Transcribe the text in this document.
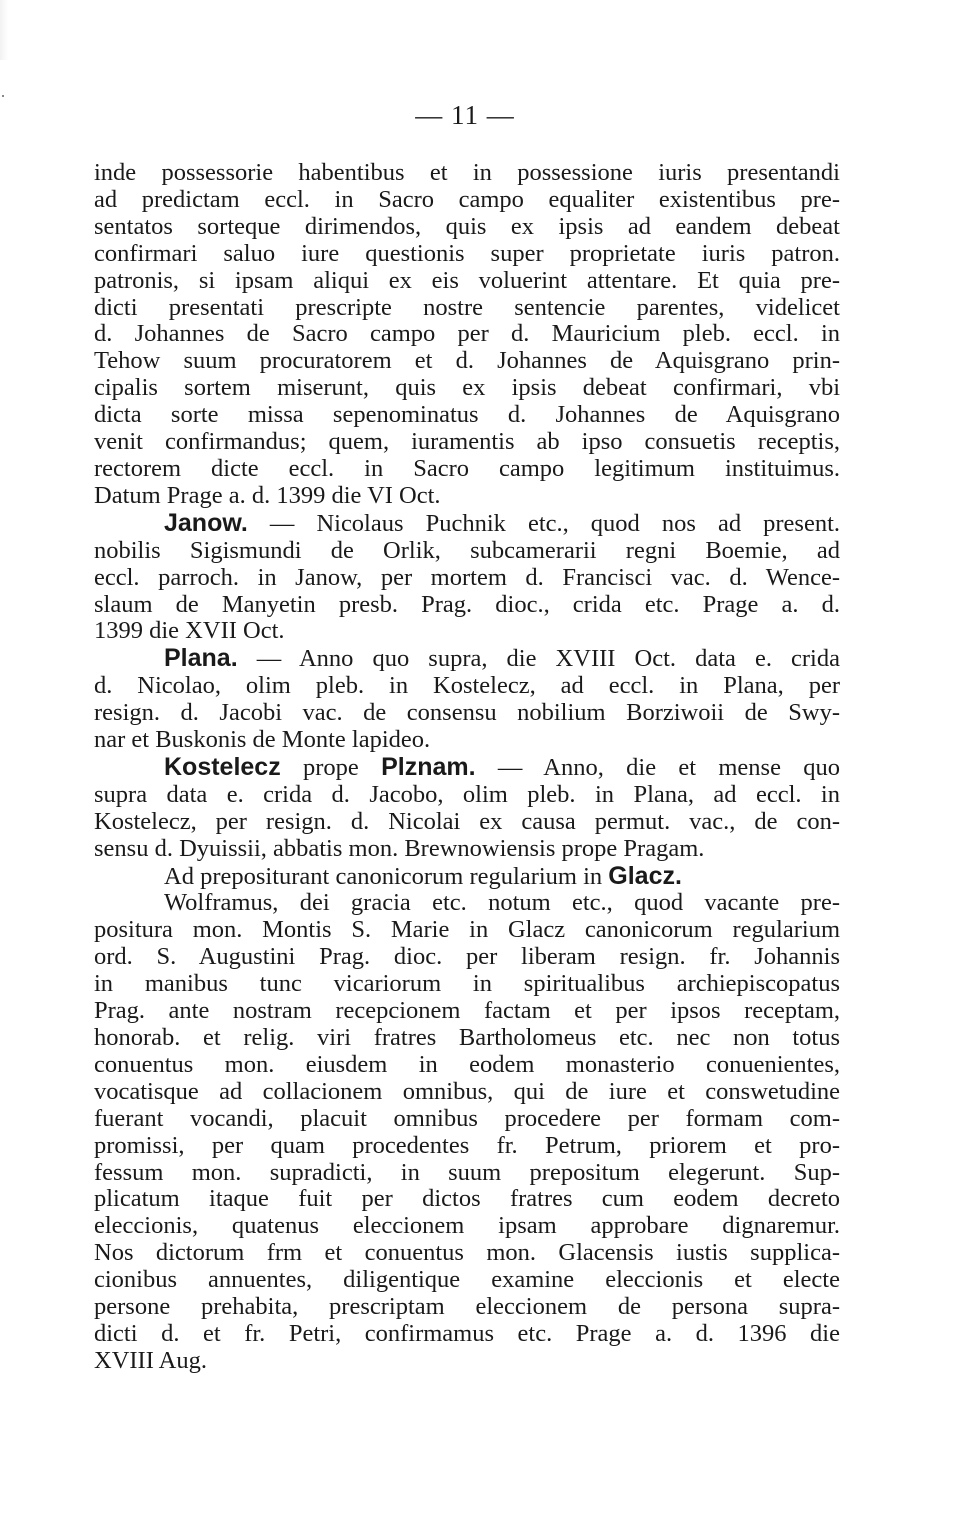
— 11 —
inde possessorie habentibus et in possessione iuris presentandi
ad predictam eccl. in Sacro campo equaliter existentibus pre-
sentatos sorteque dirimendos, quis ex ipsis ad eandem debeat
confirmari saluo iure questionis super proprietate iuris patron.
patronis, si ipsam aliqui ex eis voluerint attentare. Et quia pre-
dicti presentati prescripte nostre sentencie parentes, videlicet
d. Johannes de Sacro campo per d. Mauricium pleb. eccl. in
Tehow suum procuratorem et d. Johannes de Aquisgrano prin-
cipalis sortem miserunt, quis ex ipsis debeat confirmari, vbi
dicta sorte missa sepenominatus d. Johannes de Aquisgrano
venit confirmandus; quem, iuramentis ab ipso consuetis receptis,
rectorem dicte eccl. in Sacro campo legitimum instituimus.
Datum Prage a. d. 1399 die VI Oct.
Janow. — Nicolaus Puchnik etc., quod nos ad present.
nobilis Sigismundi de Orlik, subcamerarii regni Boemie, ad
eccl. parroch. in Janow, per mortem d. Francisci vac. d. Wence-
slaum de Manyetin presb. Prag. dioc., crida etc. Prage a. d.
1399 die XVII Oct.
Plana. — Anno quo supra, die XVIII Oct. data e. crida
d. Nicolao, olim pleb. in Kostelecz, ad eccl. in Plana, per
resign. d. Jacobi vac. de consensu nobilium Borziwoii de Swy-
nar et Buskonis de Monte lapideo.
Kostelecz prope Plznam. — Anno, die et mense quo
supra data e. crida d. Jacobo, olim pleb. in Plana, ad eccl. in
Kostelecz, per resign. d. Nicolai ex causa permut. vac., de con-
sensu d. Dyuissii, abbatis mon. Brewnowiensis prope Pragam.
Ad prepositurant canonicorum regularium in Glacz.
Wolframus, dei gracia etc. notum etc., quod vacante pre-
positura mon. Montis S. Marie in Glacz canonicorum regularium
ord. S. Augustini Prag. dioc. per liberam resign. fr. Johannis
in manibus tunc vicariorum in spiritualibus archiepiscopatus
Prag. ante nostram recepcionem factam et per ipsos receptam,
honorab. et relig. viri fratres Bartholomeus etc. nec non totus
conuentus mon. eiusdem in eodem monasterio conuenientes,
vocatisque ad collacionem omnibus, qui de iure et conswetudine
fuerant vocandi, placuit omnibus procedere per formam com-
promissi, per quam procedentes fr. Petrum, priorem et pro-
fessum mon. supradicti, in suum prepositum elegerunt. Sup-
plicatum itaque fuit per dictos fratres cum eodem decreto
eleccionis, quatenus eleccionem ipsam approbare dignaremur.
Nos dictorum frm et conuentus mon. Glacensis iustis supplica-
cionibus annuentes, diligentique examine eleccionis et electe
persone prehabita, prescriptam eleccionem de persona supra-
dicti d. et fr. Petri, confirmamus etc. Prage a. d. 1396 die
XVIII Aug.
